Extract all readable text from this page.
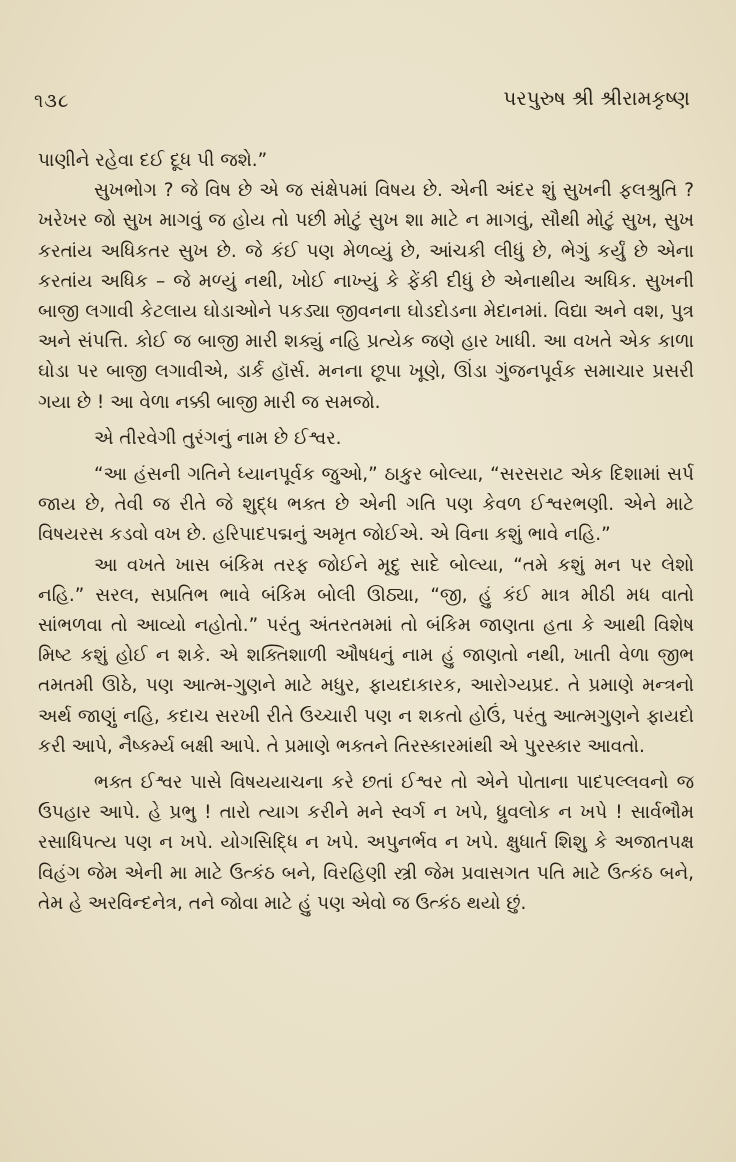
૧૩૮	પરપુરુષ શ્રી શ્રીરામકૃષ્ણ

પાણીને રહેવા દઈ દૂધ પી જશે.”

સુખભોગ ? જે વિષ છે એ જ સંક્ષેપમાં વિષય છે. એની અંદર શું સુખની ફલશ્રુતિ ? ખરેખર જો સુખ માગવું જ હોય તો પછી મોટું સુખ શા માટે ન માગવું, સૌથી મોટું સુખ, સુખ કરતાંય અધિકતર સુખ છે. જે કંઈ પણ મેળવ્યું છે, આંચકી લીધું છે, ભેગું કર્યું છે એના કરતાંય અધિક – જે મળ્યું નથી, ખોઈ નાખ્યું કે ફેંકી દીધું છે એનાથીય અધિક. સુખની બાજી લગાવી કેટલાય ઘોડાઓને પકડ્યા જીવનના ઘોડદોડના મેદાનમાં. વિદ્યા અને વશ, પુત્ર અને સંપત્તિ. કોઈ જ બાજી મારી શક્યું નહિ પ્રત્યેક જણે હાર ખાધી. આ વખતે એક કાળા ઘોડા પર બાજી લગાવીએ, ડાર્ક હૉર્સ. મનના છૂપા ખૂણે, ઊંડા ગુંજનપૂર્વક સમાચાર પ્રસરી ગયા છે ! આ વેળા નક્કી બાજી મારી જ સમજો.

એ તીરવેગી તુરંગનું નામ છે ઈશ્વર.

“આ હંસની ગતિને ધ્યાનપૂર્વક જુઓ,” ઠાકુર બોલ્યા, “સરસરાટ એક દિશામાં સર્પ જાય છે, તેવી જ રીતે જે શુદ્ધ ભક્ત છે એની ગતિ પણ કેવળ ઈશ્વરભણી. એને માટે વિષયરસ કડવો વખ છે. હરિપાદપદ્મનું અમૃત જોઈએ. એ વિના કશું ભાવે નહિ.”

આ વખતે ખાસ બંકિમ તરફ જોઈને મૃદુ સાદે બોલ્યા, “તમે કશું મન પર લેશો નહિ.” સરલ, સપ્રતિભ ભાવે બંકિમ બોલી ઊઠ્યા, “જી, હું કંઈ માત્ર મીઠી મધ વાતો સાંભળવા તો આવ્યો નહોતો.” પરંતુ અંતરતમમાં તો બંકિમ જાણતા હતા કે આથી વિશેષ મિષ્ટ કશું હોઈ ન શકે. એ શક્તિશાળી ઔષધનું નામ હું જાણતો નથી, ખાતી વેળા જીભ તમતમી ઊઠે, પણ આત્મ-ગુણને માટે મધુર, ફાયદાકારક, આરોગ્યપ્રદ. તે પ્રમાણે મન્ત્રનો અર્થ જાણું નહિ, કદાચ સરખી રીતે ઉચ્ચારી પણ ન શકતો હોઉં, પરંતુ આત્મગુણને ફાયદો કરી આપે, નૈષ્કર્મ્ય બક્ષી આપે. તે પ્રમાણે ભક્તને તિરસ્કારમાંથી એ પુરસ્કાર આવતો.

ભક્ત ઈશ્વર પાસે વિષયયાચના કરે છતાં ઈશ્વર તો એને પોતાના પાદપલ્લવનો જ ઉપહાર આપે. હે પ્રભુ ! તારો ત્યાગ કરીને મને સ્વર્ગ ન ખપે, ધ્રુવલોક ન ખપે ! સાર્વભૌમ રસાધિપત્ય પણ ન ખપે. યોગસિદ્ધિ ન ખપે. અપુનર્ભવ ન ખપે. ક્ષુધાર્ત શિશુ કે અજાતપક્ષ વિહંગ જેમ એની મા માટે ઉત્કંઠ બને, વિરહિણી સ્ત્રી જેમ પ્રવાસગત પતિ માટે ઉત્કંઠ બને, તેમ હે અરવિન્દનેત્ર, તને જોવા માટે હું પણ એવો જ ઉત્કંઠ થયો છું.
